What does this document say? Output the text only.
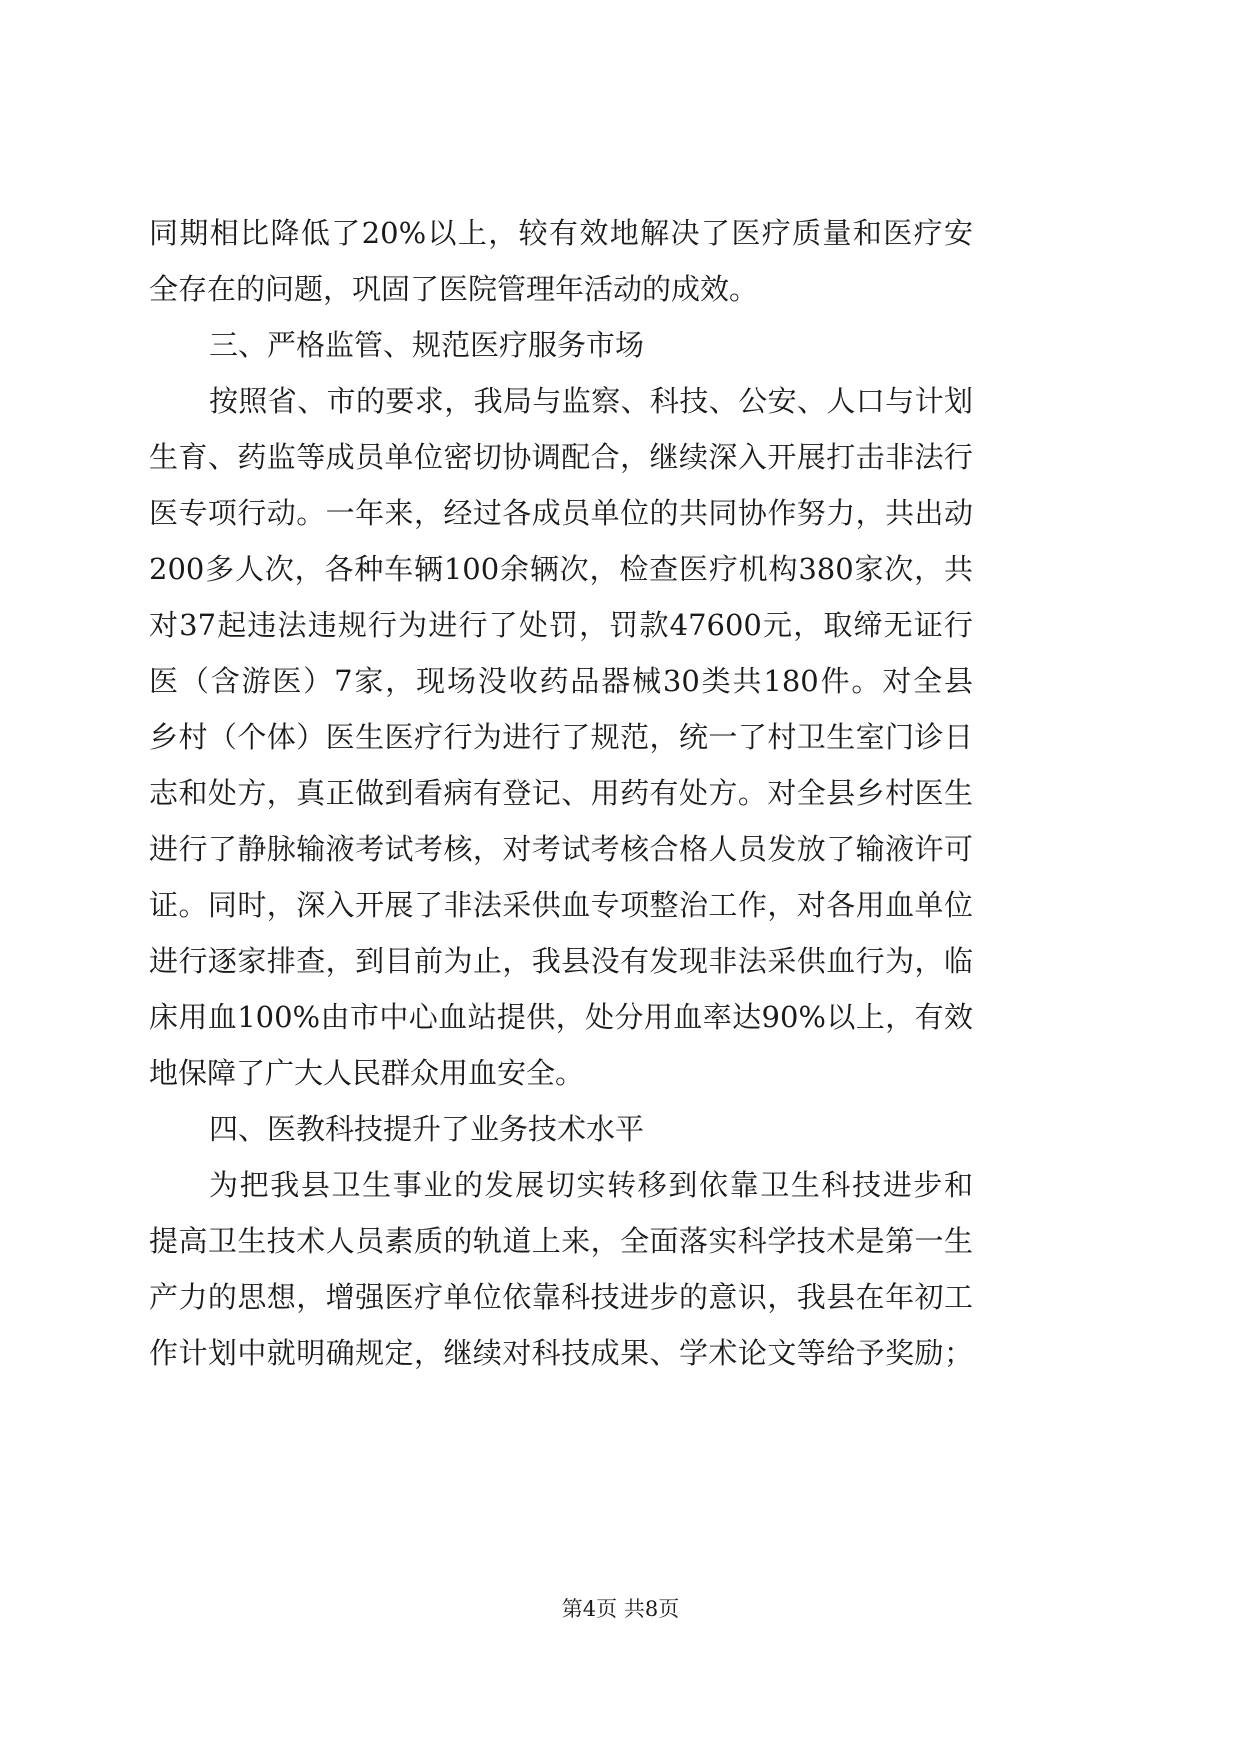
同期相比降低了20%以上，较有效地解决了医疗质量和医疗安
全存在的问题，巩固了医院管理年活动的成效。
三、严格监管、规范医疗服务市场
按照省、市的要求，我局与监察、科技、公安、人口与计划
生育、药监等成员单位密切协调配合，继续深入开展打击非法行
医专项行动。一年来，经过各成员单位的共同协作努力，共出动
200多人次，各种车辆100余辆次，检查医疗机构380家次，共
对37起违法违规行为进行了处罚，罚款47600元，取缔无证行
医（含游医）7家，现场没收药品器械30类共180件。对全县
乡村（个体）医生医疗行为进行了规范，统一了村卫生室门诊日
志和处方，真正做到看病有登记、用药有处方。对全县乡村医生
进行了静脉输液考试考核，对考试考核合格人员发放了输液许可
证。同时，深入开展了非法采供血专项整治工作，对各用血单位
进行逐家排查，到目前为止，我县没有发现非法采供血行为，临
床用血100%由市中心血站提供，处分用血率达90%以上，有效
地保障了广大人民群众用血安全。
四、医教科技提升了业务技术水平
为把我县卫生事业的发展切实转移到依靠卫生科技进步和
提高卫生技术人员素质的轨道上来，全面落实科学技术是第一生
产力的思想，增强医疗单位依靠科技进步的意识，我县在年初工
作计划中就明确规定，继续对科技成果、学术论文等给予奖励；
第4页 共8页
